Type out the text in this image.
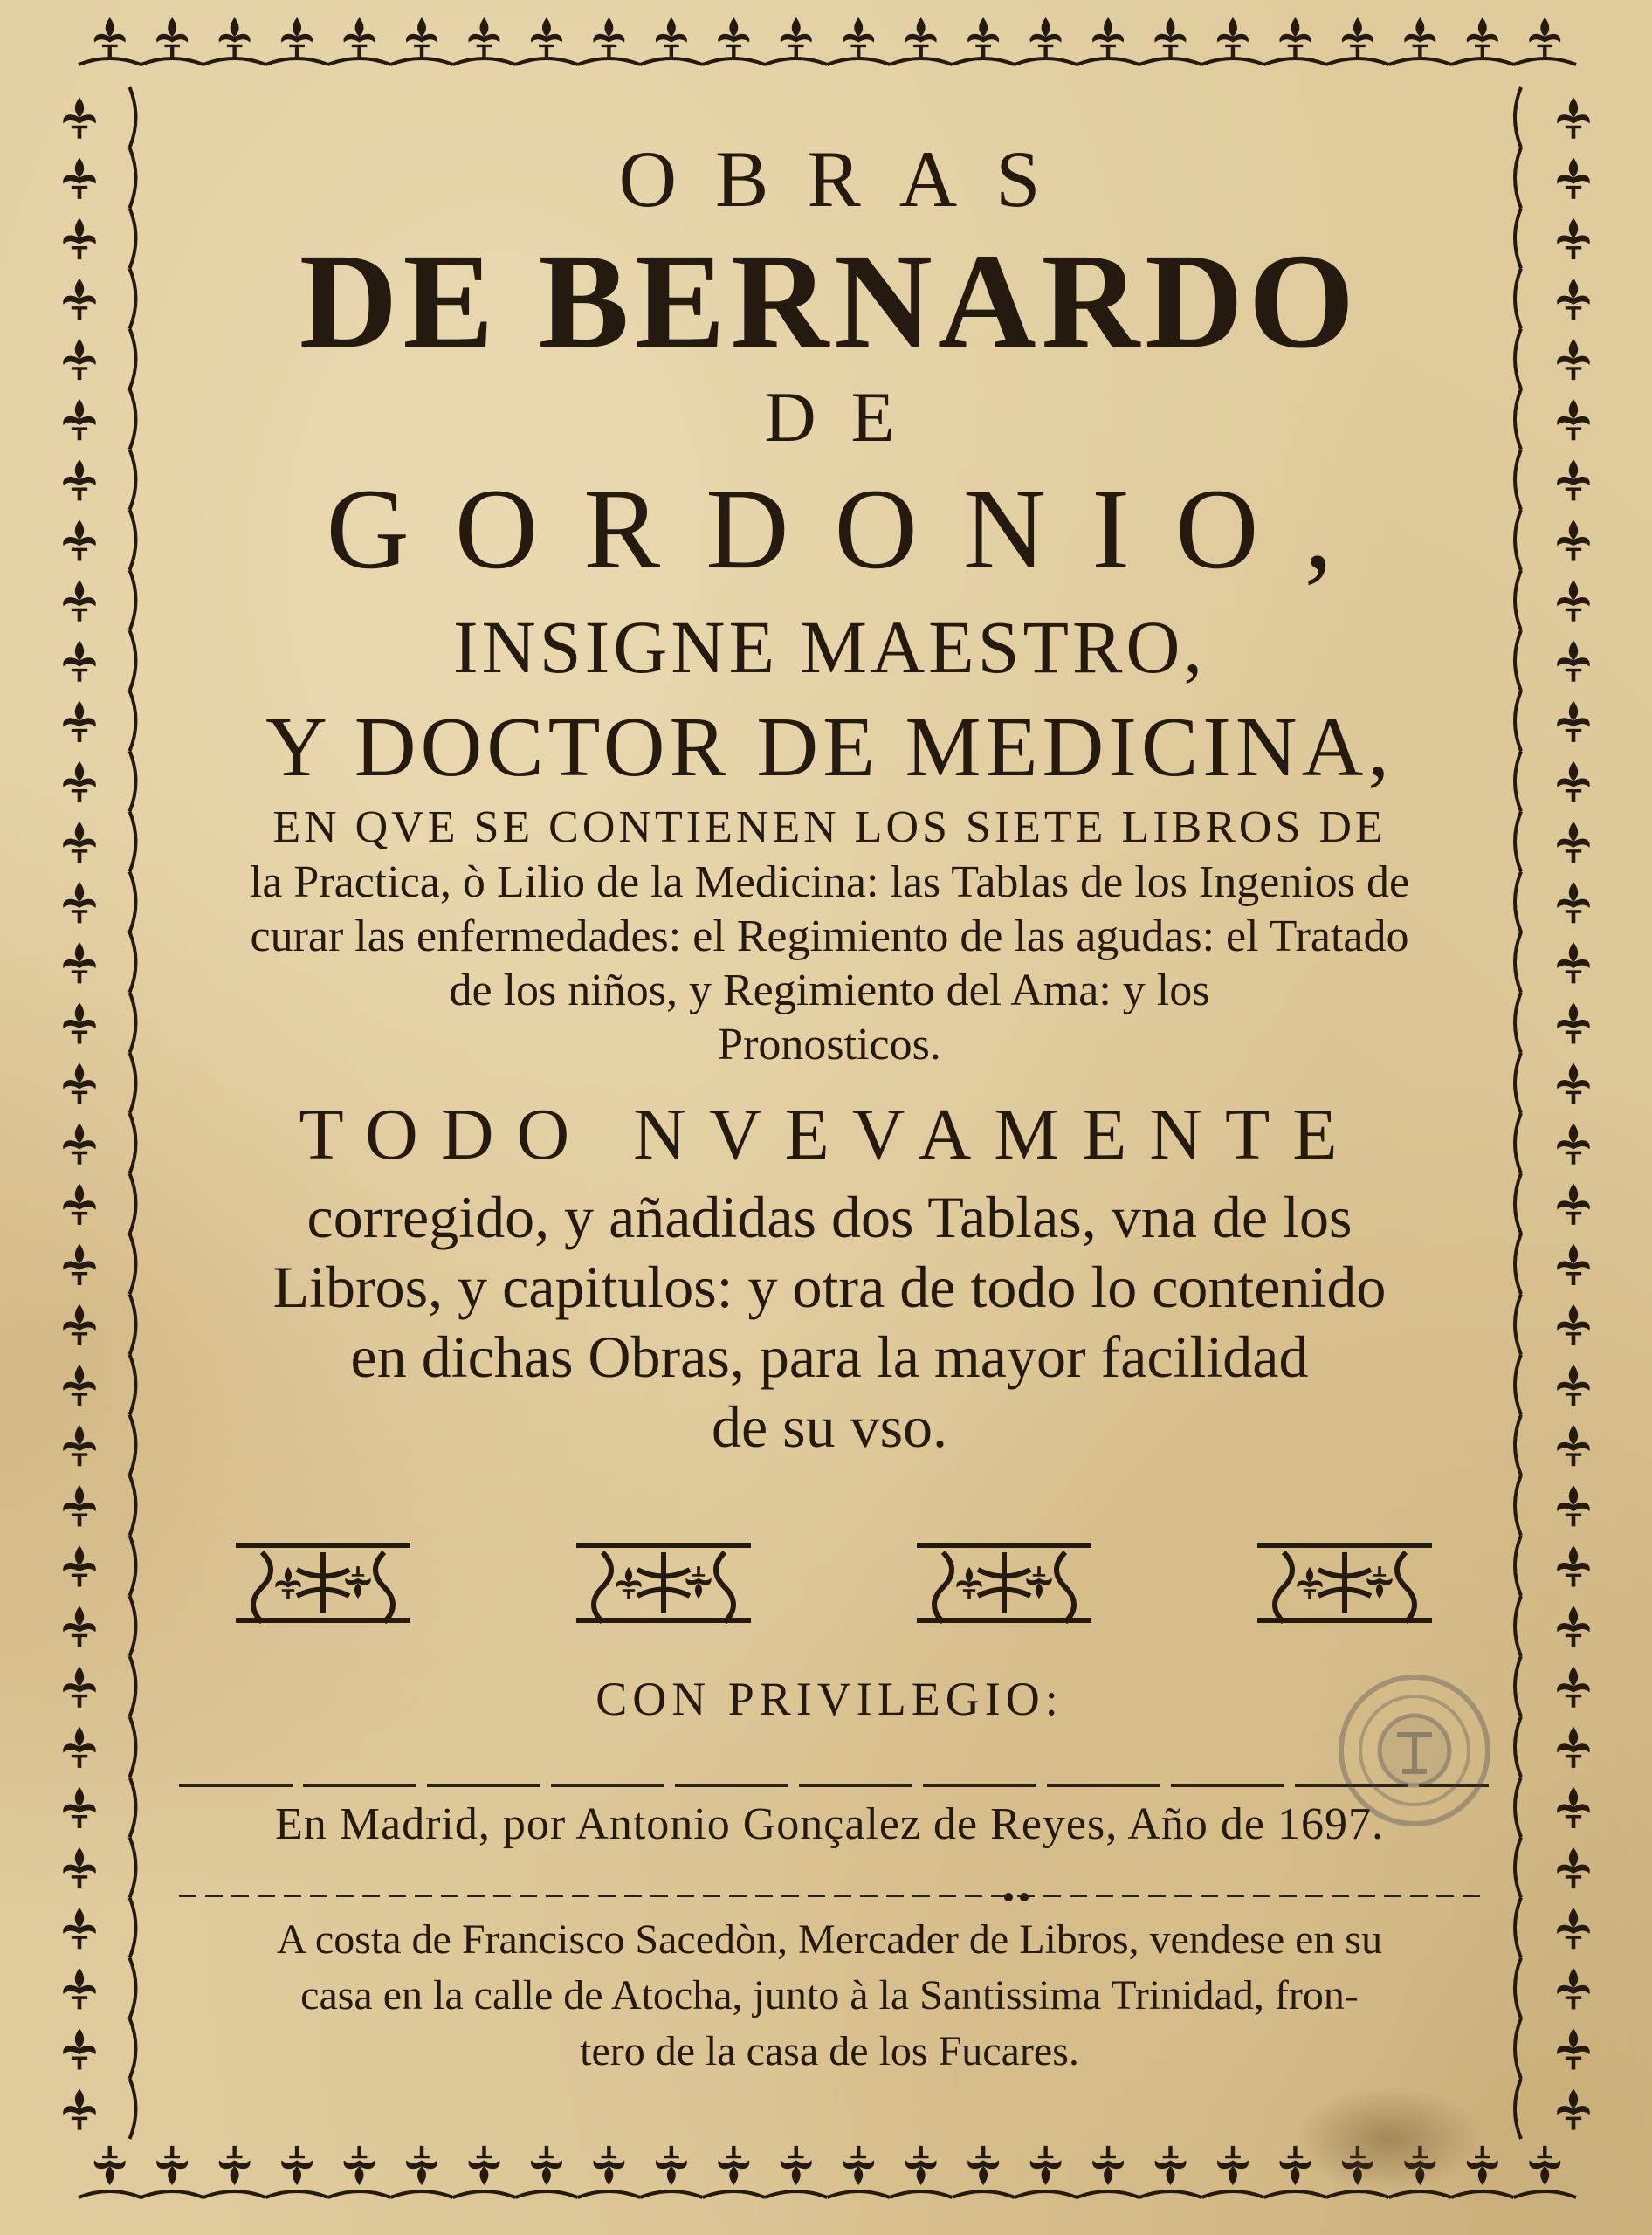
OBRAS
DE BERNARDO
DE
GORDONIO,
INSIGNE MAESTRO,
Y DOCTOR DE MEDICINA,
EN QVE SE CONTIENEN LOS SIETE LIBROS DE
la Practica, ò Lilio de la Medicina: las Tablas de los Ingenios de
curar las enfermedades: el Regimiento de las agudas: el Tratado
de los niños, y Regimiento del Ama: y los
Pronosticos.
TODO NVEVAMENTE
corregido, y añadidas dos Tablas, vna de los
Libros, y capitulos: y otra de todo lo contenido
en dichas Obras, para la mayor facilidad
de su vso.
CON PRIVILEGIO:
En Madrid, por Antonio Gonçalez de Reyes, Año de 1697.
A costa de Francisco Sacedòn, Mercader de Libros, vendese en su
casa en la calle de Atocha, junto à la Santissima Trinidad, fron-
tero de la casa de los Fucares.
